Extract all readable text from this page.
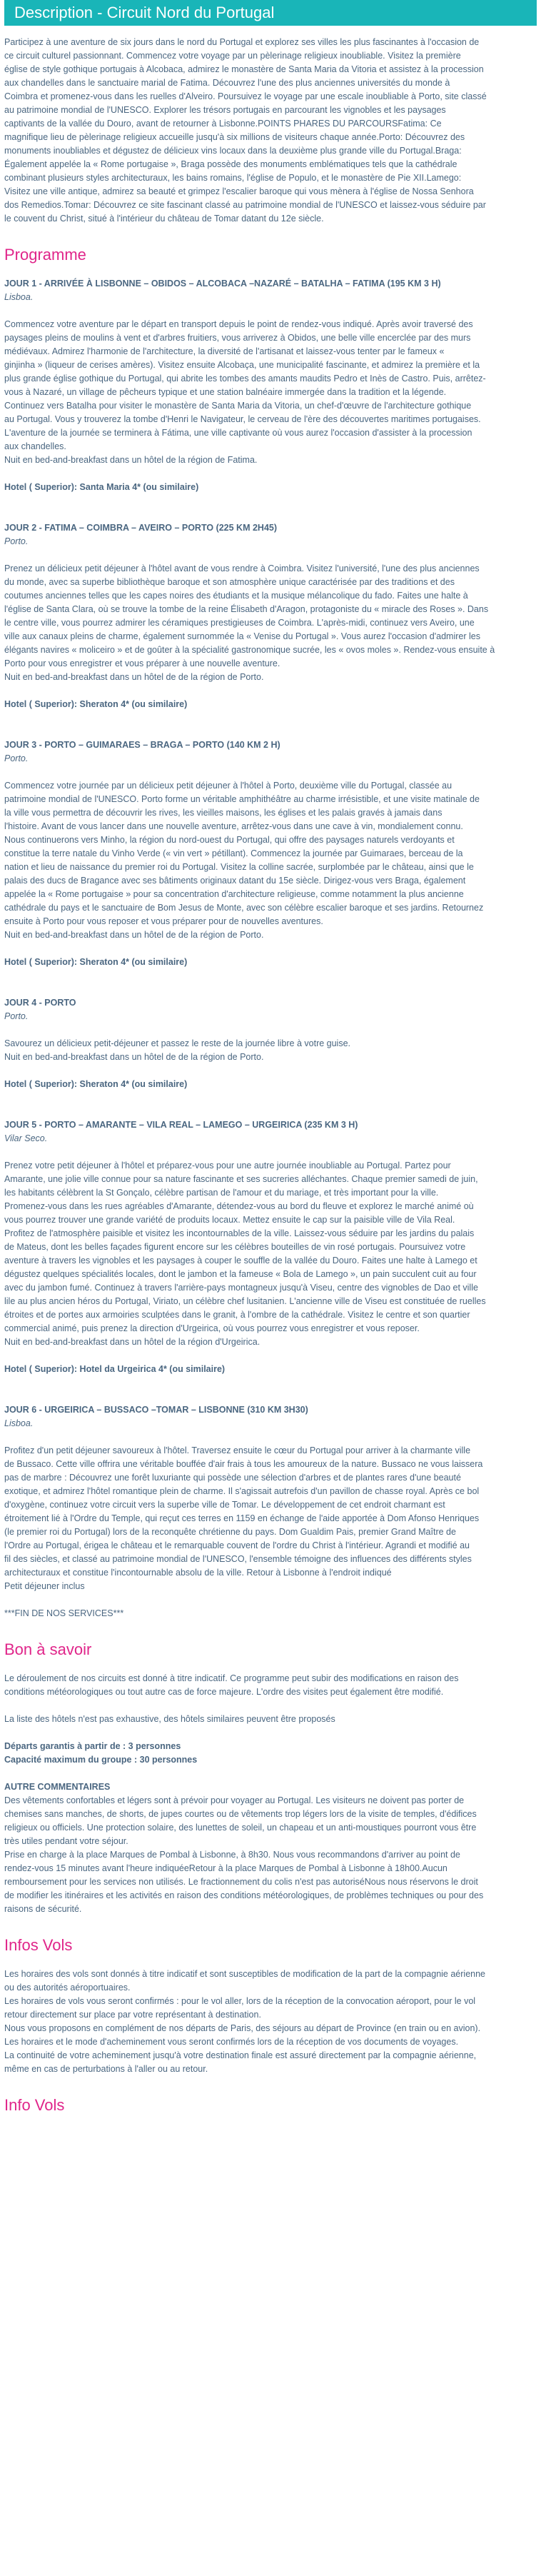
Description - Circuit Nord du Portugal

Participez à une aventure de six jours dans le nord du Portugal et explorez ses villes les plus fascinantes à l'occasion de

ce circuit culturel passionnant. Commencez votre voyage par un pèlerinage religieux inoubliable. Visitez la première

église de style gothique portugais à Alcobaca, admirez le monastère de Santa Maria da Vitoria et assistez à la procession

aux chandelles dans le sanctuaire marial de Fatima. Découvrez l'une des plus anciennes universités du monde à

Coimbra et promenez-vous dans les ruelles d'Alveiro. Poursuivez le voyage par une escale inoubliable à Porto, site classé

au patrimoine mondial de l'UNESCO. Explorer les trésors portugais en parcourant les vignobles et les paysages

captivants de la vallée du Douro, avant de retourner à Lisbonne.POINTS PHARES DU PARCOURSFatima: Ce

magnifique lieu de pèlerinage religieux accueille jusqu'à six millions de visiteurs chaque année.Porto: Découvrez des

monuments inoubliables et dégustez de délicieux vins locaux dans la deuxième plus grande ville du Portugal.Braga:

Également appelée la « Rome portugaise », Braga possède des monuments emblématiques tels que la cathédrale

combinant plusieurs styles architecturaux, les bains romains, l'église de Populo, et le monastère de Pie XII.Lamego:

Visitez une ville antique, admirez sa beauté et grimpez l'escalier baroque qui vous mènera à l'église de Nossa Senhora

dos Remedios.Tomar: Découvrez ce site fascinant classé au patrimoine mondial de l'UNESCO et laissez-vous séduire par

le couvent du Christ, situé à l'intérieur du château de Tomar datant du 12e siècle.

Programme

JOUR 1 - ARRIVÉE À LISBONNE – OBIDOS – ALCOBACA –NAZARÉ – BATALHA – FATIMA (195 KM 3 H)

Lisboa.

Commencez votre aventure par le départ en transport depuis le point de rendez-vous indiqué. Après avoir traversé des

paysages pleins de moulins à vent et d'arbres fruitiers, vous arriverez à Obidos, une belle ville encerclée par des murs

médiévaux. Admirez l'harmonie de l'architecture, la diversité de l'artisanat et laissez-vous tenter par le fameux «

ginjinha » (liqueur de cerises amères). Visitez ensuite Alcobaça, une municipalité fascinante, et admirez la première et la

plus grande église gothique du Portugal, qui abrite les tombes des amants maudits Pedro et Inès de Castro. Puis, arrêtez-

vous à Nazaré, un village de pêcheurs typique et une station balnéaire immergée dans la tradition et la légende.

Continuez vers Batalha pour visiter le monastère de Santa Maria da Vitoria, un chef-d'œuvre de l'architecture gothique

au Portugal. Vous y trouverez la tombe d'Henri le Navigateur, le cerveau de l'ère des découvertes maritimes portugaises.

L'aventure de la journée se terminera à Fátima, une ville captivante où vous aurez l'occasion d'assister à la procession

aux chandelles.

Nuit en bed-and-breakfast dans un hôtel de la région de Fatima.

Hotel ( Superior): Santa Maria 4* (ou similaire)

JOUR 2 - FATIMA – COIMBRA – AVEIRO – PORTO (225 KM 2H45)

Porto.

Prenez un délicieux petit déjeuner à l'hôtel avant de vous rendre à Coimbra. Visitez l'université, l'une des plus anciennes

du monde, avec sa superbe bibliothèque baroque et son atmosphère unique caractérisée par des traditions et des

coutumes anciennes telles que les capes noires des étudiants et la musique mélancolique du fado. Faites une halte à

l'église de Santa Clara, où se trouve la tombe de la reine Élisabeth d'Aragon, protagoniste du « miracle des Roses ». Dans

le centre ville, vous pourrez admirer les céramiques prestigieuses de Coimbra. L'après-midi, continuez vers Aveiro, une

ville aux canaux pleins de charme, également surnommée la « Venise du Portugal ». Vous aurez l'occasion d'admirer les

élégants navires « moliceiro » et de goûter à la spécialité gastronomique sucrée, les « ovos moles ». Rendez-vous ensuite à

Porto pour vous enregistrer et vous préparer à une nouvelle aventure.

Nuit en bed-and-breakfast dans un hôtel de de la région de Porto.

Hotel ( Superior): Sheraton 4* (ou similaire)

JOUR 3 - PORTO – GUIMARAES – BRAGA – PORTO (140 KM 2 H)

Porto.

Commencez votre journée par un délicieux petit déjeuner à l'hôtel à Porto, deuxième ville du Portugal, classée au

patrimoine mondial de l'UNESCO. Porto forme un véritable amphithéâtre au charme irrésistible, et une visite matinale de

la ville vous permettra de découvrir les rives, les vieilles maisons, les églises et les palais gravés à jamais dans

l'histoire. Avant de vous lancer dans une nouvelle aventure, arrêtez-vous dans une cave à vin, mondialement connu.

Nous continuerons vers Minho, la région du nord-ouest du Portugal, qui offre des paysages naturels verdoyants et

constitue la terre natale du Vinho Verde (« vin vert » pétillant). Commencez la journée par Guimaraes, berceau de la

nation et lieu de naissance du premier roi du Portugal. Visitez la colline sacrée, surplombée par le château, ainsi que le

palais des ducs de Bragance avec ses bâtiments originaux datant du 15e siècle. Dirigez-vous vers Braga, également

appelée la « Rome portugaise » pour sa concentration d'architecture religieuse, comme notamment la plus ancienne

cathédrale du pays et le sanctuaire de Bom Jesus de Monte, avec son célèbre escalier baroque et ses jardins. Retournez

ensuite à Porto pour vous reposer et vous préparer pour de nouvelles aventures.

Nuit en bed-and-breakfast dans un hôtel de de la région de Porto.

Hotel ( Superior): Sheraton 4* (ou similaire)

JOUR 4 - PORTO

Porto.

Savourez un délicieux petit-déjeuner et passez le reste de la journée libre à votre guise.

Nuit en bed-and-breakfast dans un hôtel de de la région de Porto.

Hotel ( Superior): Sheraton 4* (ou similaire)

JOUR 5 - PORTO – AMARANTE – VILA REAL – LAMEGO – URGEIRICA (235 KM 3 H)

Vilar Seco.

Prenez votre petit déjeuner à l'hôtel et préparez-vous pour une autre journée inoubliable au Portugal. Partez pour

Amarante, une jolie ville connue pour sa nature fascinante et ses sucreries alléchantes. Chaque premier samedi de juin,

les habitants célèbrent la St Gonçalo, célèbre partisan de l'amour et du mariage, et très important pour la ville.

Promenez-vous dans les rues agréables d'Amarante, détendez-vous au bord du fleuve et explorez le marché animé où

vous pourrez trouver une grande variété de produits locaux. Mettez ensuite le cap sur la paisible ville de Vila Real.

Profitez de l'atmosphère paisible et visitez les incontournables de la ville. Laissez-vous séduire par les jardins du palais

de Mateus, dont les belles façades figurent encore sur les célèbres bouteilles de vin rosé portugais. Poursuivez votre

aventure à travers les vignobles et les paysages à couper le souffle de la vallée du Douro. Faites une halte à Lamego et

dégustez quelques spécialités locales, dont le jambon et la fameuse « Bola de Lamego », un pain succulent cuit au four

avec du jambon fumé. Continuez à travers l'arrière-pays montagneux jusqu'à Viseu, centre des vignobles de Dao et ville

lile au plus ancien héros du Portugal, Viriato, un célèbre chef lusitanien. L'ancienne ville de Viseu est constituée de ruelles

étroites et de portes aux armoiries sculptées dans le granit, à l'ombre de la cathédrale. Visitez le centre et son quartier

commercial animé, puis prenez la direction d'Urgeirica, où vous pourrez vous enregistrer et vous reposer.

Nuit en bed-and-breakfast dans un hôtel de la région d'Urgeirica.

Hotel ( Superior): Hotel da Urgeirica 4* (ou similaire)

JOUR 6 - URGEIRICA – BUSSACO –TOMAR – LISBONNE (310 KM 3H30)

Lisboa.

Profitez d'un petit déjeuner savoureux à l'hôtel. Traversez ensuite le cœur du Portugal pour arriver à la charmante ville

de Bussaco. Cette ville offrira une véritable bouffée d'air frais à tous les amoureux de la nature. Bussaco ne vous laissera

pas de marbre : Découvrez une forêt luxuriante qui possède une sélection d'arbres et de plantes rares d'une beauté

exotique, et admirez l'hôtel romantique plein de charme. Il s'agissait autrefois d'un pavillon de chasse royal. Après ce bol

d'oxygène, continuez votre circuit vers la superbe ville de Tomar. Le développement de cet endroit charmant est

étroitement lié à l'Ordre du Temple, qui reçut ces terres en 1159 en échange de l'aide apportée à Dom Afonso Henriques

(le premier roi du Portugal) lors de la reconquête chrétienne du pays. Dom Gualdim Pais, premier Grand Maître de

l'Ordre au Portugal, érigea le château et le remarquable couvent de l'ordre du Christ à l'intérieur. Agrandi et modifié au

fil des siècles, et classé au patrimoine mondial de l'UNESCO, l'ensemble témoigne des influences des différents styles

architecturaux et constitue l'incontournable absolu de la ville. Retour à Lisbonne à l'endroit indiqué

Petit déjeuner inclus

***FIN DE NOS SERVICES***

Bon à savoir

Le déroulement de nos circuits est donné à titre indicatif. Ce programme peut subir des modifications en raison des

conditions météorologiques ou tout autre cas de force majeure. L'ordre des visites peut également être modifié.

La liste des hôtels n'est pas exhaustive, des hôtels similaires peuvent être proposés

Départs garantis à partir de : 3 personnes

Capacité maximum du groupe : 30 personnes

AUTRE COMMENTAIRES

Des vêtements confortables et légers sont à prévoir pour voyager au Portugal. Les visiteurs ne doivent pas porter de

chemises sans manches, de shorts, de jupes courtes ou de vêtements trop légers lors de la visite de temples, d'édifices

religieux ou officiels. Une protection solaire, des lunettes de soleil, un chapeau et un anti-moustiques pourront vous être

très utiles pendant votre séjour.

Prise en charge à la place Marques de Pombal à Lisbonne, à 8h30. Nous vous recommandons d'arriver au point de

rendez-vous 15 minutes avant l'heure indiquéeRetour à la place Marques de Pombal à Lisbonne à 18h00.Aucun

remboursement pour les services non utilisés. Le fractionnement du colis n'est pas autoriséNous nous réservons le droit

de modifier les itinéraires et les activités en raison des conditions météorologiques, de problèmes techniques ou pour des

raisons de sécurité.

Infos Vols

Les horaires des vols sont donnés à titre indicatif et sont susceptibles de modification de la part de la compagnie aérienne

ou des autorités aéroportuaires.

Les horaires de vols vous seront confirmés : pour le vol aller, lors de la réception de la convocation aéroport, pour le vol

retour directement sur place par votre représentant à destination.

Nous vous proposons en complément de nos départs de Paris, des séjours au départ de Province (en train ou en avion).

Les horaires et le mode d'acheminement vous seront confirmés lors de la réception de vos documents de voyages.

La continuité de votre acheminement jusqu'à votre destination finale est assuré directement par la compagnie aérienne,

même en cas de perturbations à l'aller ou au retour.

Info Vols
